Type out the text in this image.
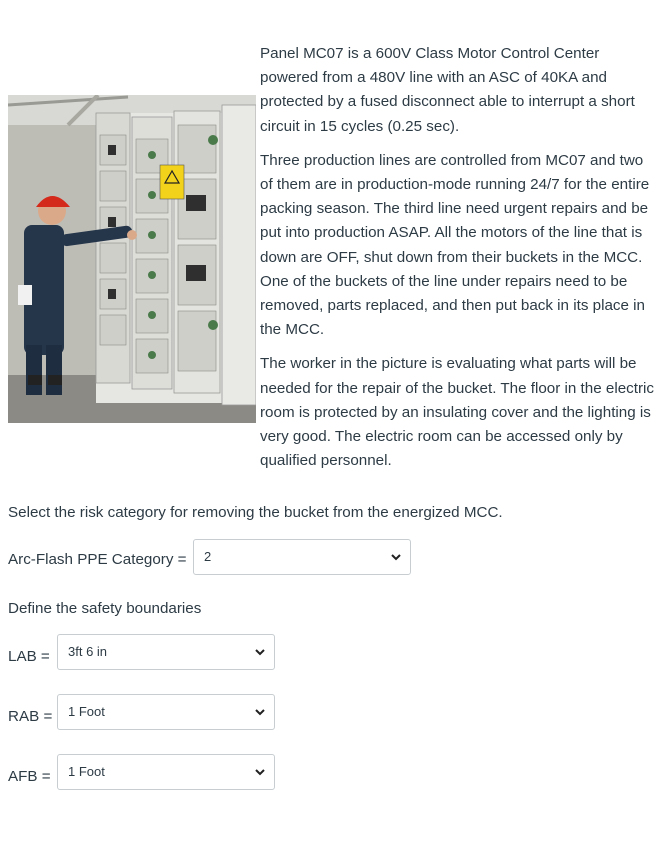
Panel MC07 is a 600V Class Motor Control Center powered from a 480V line with an ASC of 40KA and protected by a fused disconnect able to interrupt a short circuit in 15 cycles (0.25 sec).

Three production lines are controlled from MC07 and two of them are in production-mode running 24/7 for the entire packing season. The third line need urgent repairs and be put into production ASAP. All the motors of the line that is down are OFF, shut down from their buckets in the MCC. One of the buckets of the line under repairs need to be removed, parts replaced, and then put back in its place in the MCC.

The worker in the picture is evaluating what parts will be needed for the repair of the bucket. The floor in the electric room is protected by an insulating cover and the lighting is very good. The electric room can be accessed only by qualified personnel.

Select the risk category for removing the bucket from the energized MCC.
Arc-Flash PPE Category = 2
Define the safety boundaries
LAB = 3ft 6 in
RAB = 1 Foot
AFB = 1 Foot
